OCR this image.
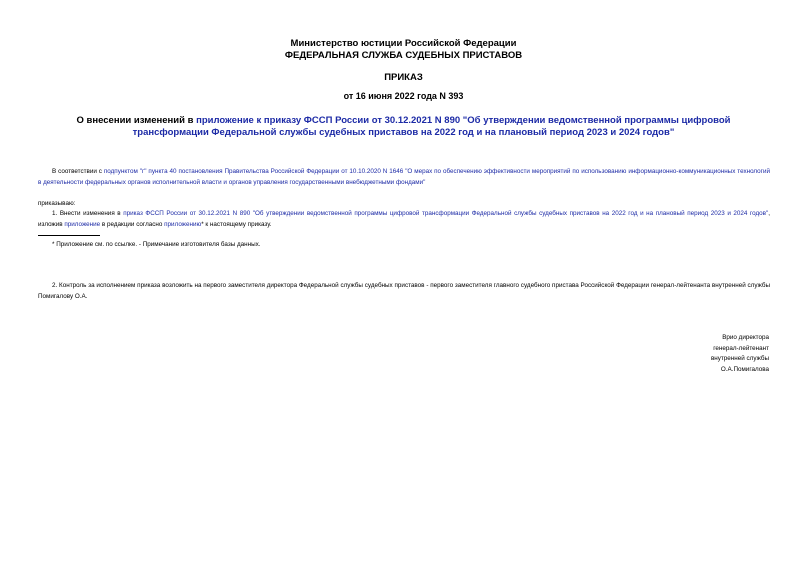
Министерство юстиции Российской Федерации
ФЕДЕРАЛЬНАЯ СЛУЖБА СУДЕБНЫХ ПРИСТАВОВ
ПРИКАЗ
от 16 июня 2022 года N 393
О внесении изменений в приложение к приказу ФССП России от 30.12.2021 N 890 "Об утверждении ведомственной программы цифровой трансформации Федеральной службы судебных приставов на 2022 год и на плановый период 2023 и 2024 годов"
В соответствии с подпунктом "г" пункта 40 постановления Правительства Российской Федерации от 10.10.2020 N 1646 "О мерах по обеспечению эффективности мероприятий по использованию информационно-коммуникационных технологий в деятельности федеральных органов исполнительной власти и органов управления государственными внебюджетными фондами"
приказываю:
1. Внести изменения в приказ ФССП России от 30.12.2021 N 890 "Об утверждении ведомственной программы цифровой трансформации Федеральной службы судебных приставов на 2022 год и на плановый период 2023 и 2024 годов", изложив приложение в редакции согласно приложению* к настоящему приказу.
* Приложение см. по ссылке. - Примечание изготовителя базы данных.
2. Контроль за исполнением приказа возложить на первого заместителя директора Федеральной службы судебных приставов - первого заместителя главного судебного пристава Российской Федерации генерал-лейтенанта внутренней службы Помигалову О.А.
Врио директора
генерал-лейтенант
внутренней службы
О.А.Помигалова
